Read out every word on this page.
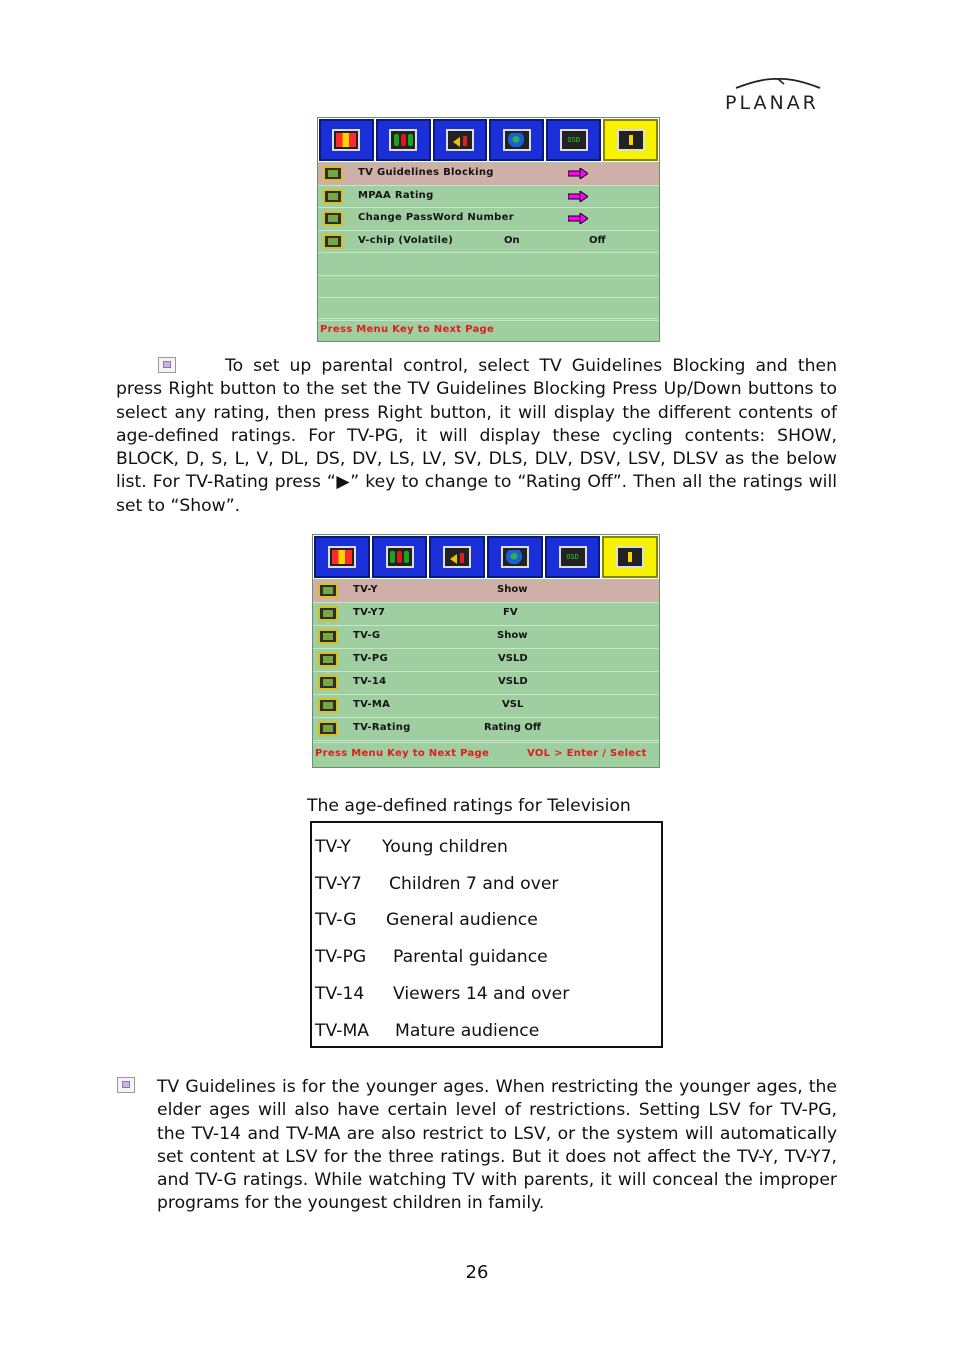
PLANAR
OSD
TV Guidelines Blocking
MPAA Rating
Change PassWord Number
V-chip (Volatile)	On	Off
Press Menu Key to Next Page
To set up parental control, select TV Guidelines Blocking and then press Right button to the set the TV Guidelines Blocking Press Up/Down buttons to select any rating, then press Right button, it will display the different contents of age-defined ratings. For TV-PG, it will display these cycling contents: SHOW, BLOCK, D, S, L, V, DL, DS, DV, LS, LV, SV, DLS, DLV, DSV, LSV, DLSV as the below list. For TV-Rating press “▶” key to change to “Rating Off”. Then all the ratings will set to “Show”.
OSD
TV-Y	Show
TV-Y7	FV
TV-G	Show
TV-PG	VSLD
TV-14	VSLD
TV-MA	VSL
TV-Rating	Rating Off
Press Menu Key to Next Page	VOL > Enter / Select
The age-defined ratings for Television
TV-Y Young children
TV-Y7 Children 7 and over
TV-G General audience
TV-PG Parental guidance
TV-14 Viewers 14 and over
TV-MA Mature audience
TV Guidelines is for the younger ages. When restricting the younger ages, the elder ages will also have certain level of restrictions. Setting LSV for TV-PG, the TV-14 and TV-MA are also restrict to LSV, or the system will automatically set content at LSV for the three ratings. But it does not affect the TV-Y, TV-Y7, and TV-G ratings. While watching TV with parents, it will conceal the improper programs for the youngest children in family.
26
